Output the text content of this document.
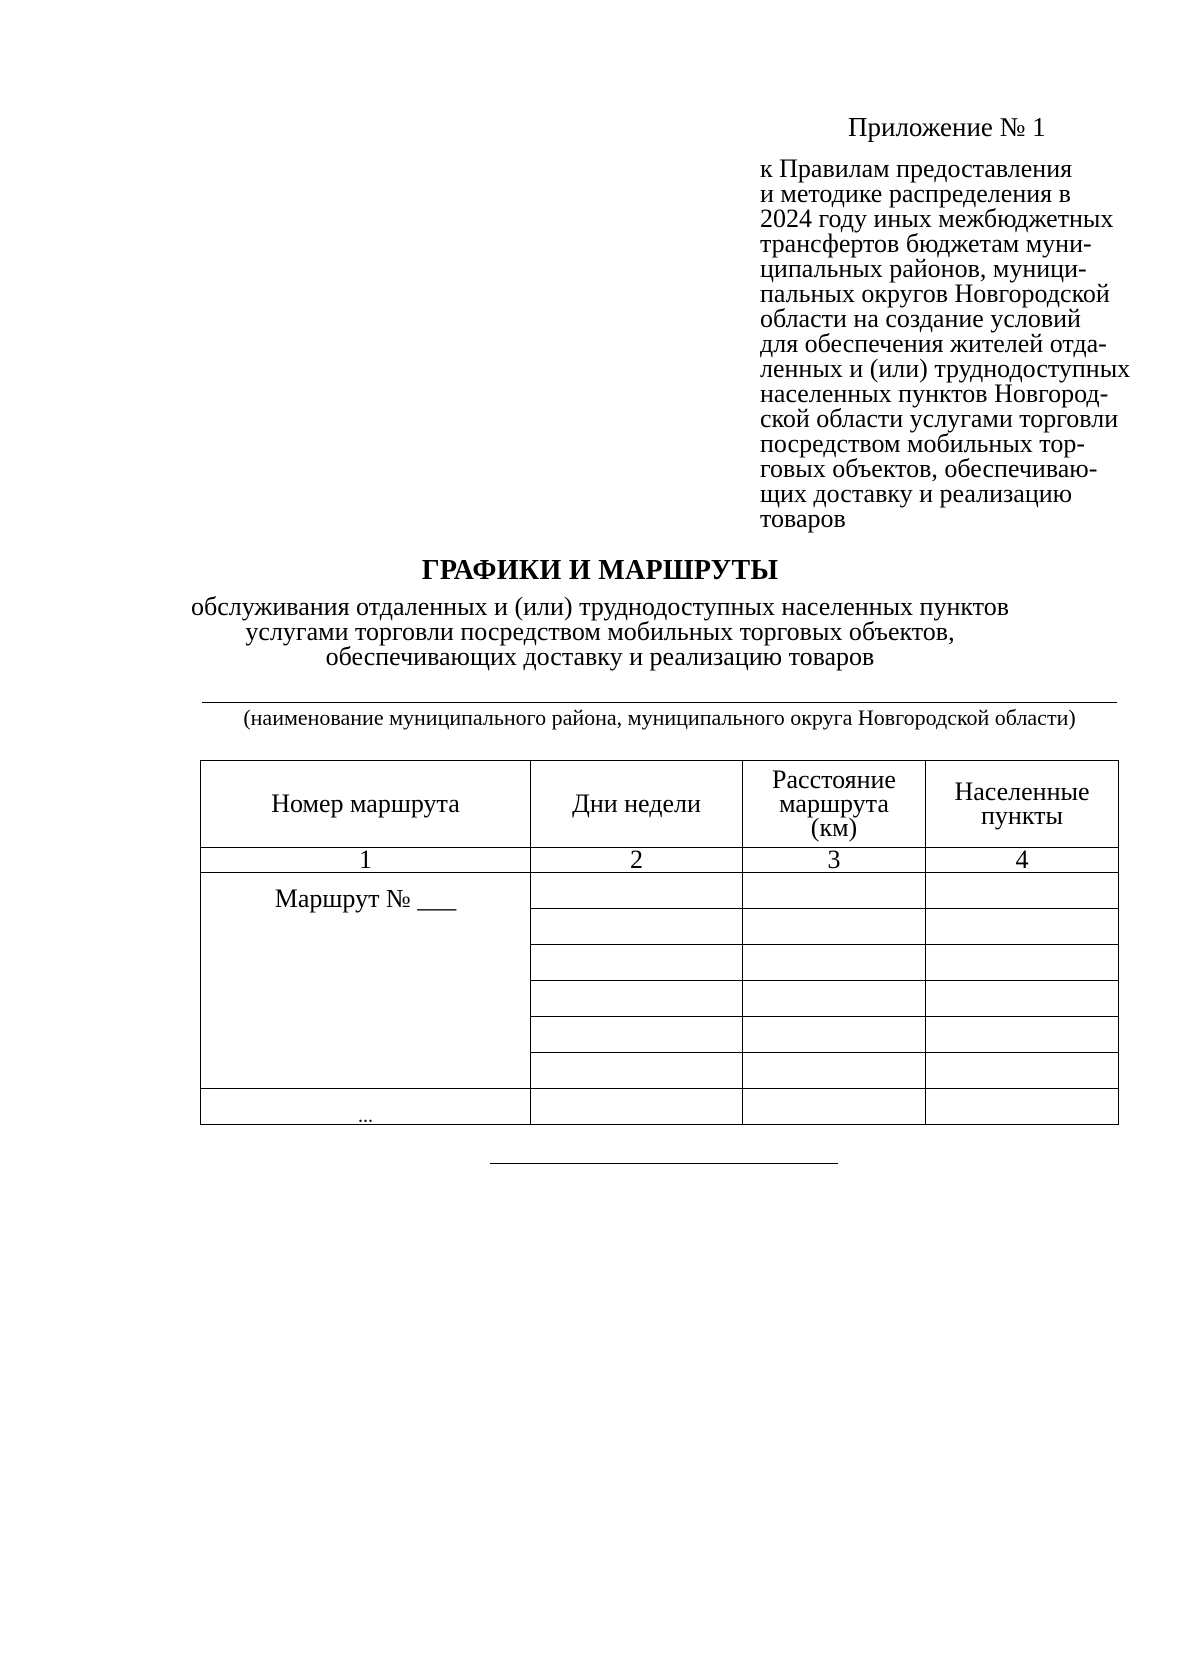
Приложение № 1
к Правилам предоставления
и методике распределения в
2024 году иных межбюджетных
трансфертов бюджетам муни-
ципальных районов, муници-
пальных округов Новгородской
области на создание условий
для обеспечения жителей отда-
ленных и (или) труднодоступных
населенных пунктов Новгород-
ской области услугами торговли
посредством мобильных тор-
говых объектов, обеспечиваю-
щих доставку и реализацию
товаров
ГРАФИКИ И МАРШРУТЫ
обслуживания отдаленных и (или) труднодоступных населенных пунктов
услугами торговли посредством мобильных торговых объектов,
обеспечивающих доставку и реализацию товаров
(наименование муниципального района, муниципального округа Новгородской области)
Номер маршрута	Дни недели	Расстояние маршрута (км)	Населенные пункты
1	2	3	4
Маршрут № ___			

...			
